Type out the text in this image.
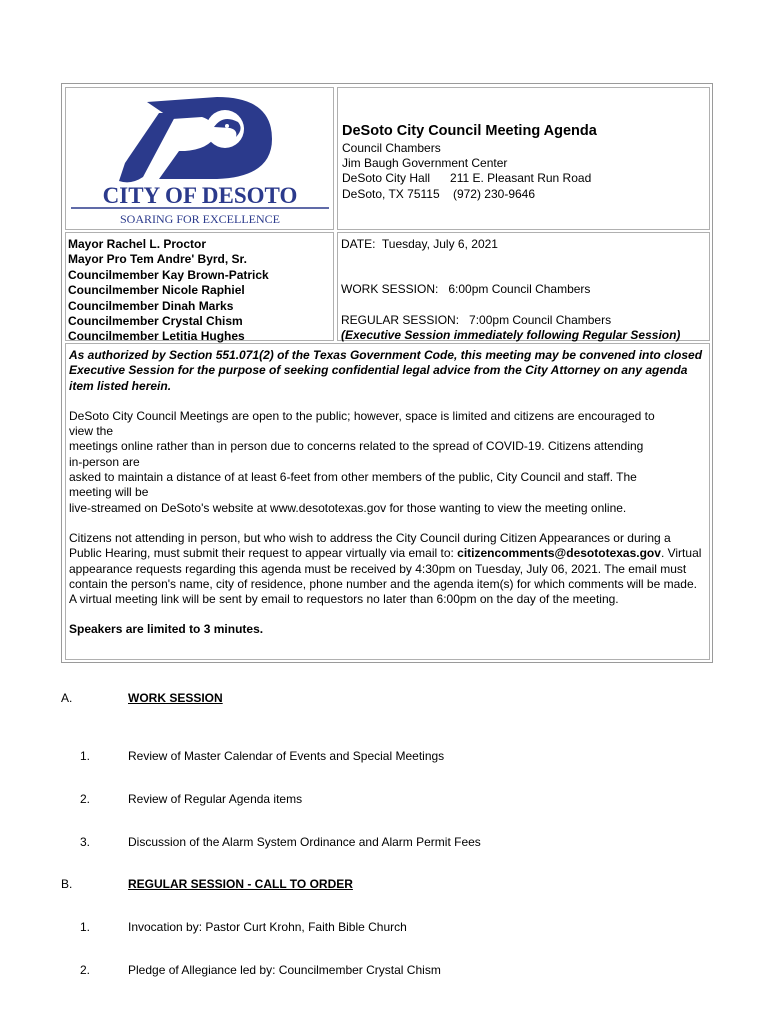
CITY OF DESOTO
SOARING FOR EXCELLENCE
DeSoto City Council Meeting Agenda
Council Chambers
Jim Baugh Government Center
DeSoto City Hall      211 E. Pleasant Run Road
DeSoto, TX 75115    (972) 230-9646
Mayor Rachel L. Proctor
Mayor Pro Tem Andre' Byrd, Sr.
Councilmember Kay Brown-Patrick
Councilmember Nicole Raphiel
Councilmember Dinah Marks
Councilmember Crystal Chism
Councilmember Letitia Hughes
DATE:  Tuesday, July 6, 2021
WORK SESSION:   6:00pm Council Chambers
REGULAR SESSION:   7:00pm Council Chambers
(Executive Session immediately following Regular Session)

As authorized by Section 551.071(2) of the Texas Government Code, this meeting may be convened into closed Executive Session for the purpose of seeking confidential legal advice from the City Attorney on any agenda item listed herein.

DeSoto City Council Meetings are open to the public; however, space is limited and citizens are encouraged to

view the

meetings online rather than in person due to concerns related to the spread of COVID-19. Citizens attending

in-person are

asked to maintain a distance of at least 6-feet from other members of the public, City Council and staff. The

meeting will be

live-streamed on DeSoto's website at www.desototexas.gov for those wanting to view the meeting online.

Citizens not attending in person, but who wish to address the City Council during Citizen Appearances or during a Public Hearing, must submit their request to appear virtually via email to: citizencomments@desototexas.gov. Virtual appearance requests regarding this agenda must be received by 4:30pm on Tuesday, July 06, 2021. The email must contain the person's name, city of residence, phone number and the agenda item(s) for which comments will be made. A virtual meeting link will be sent by email to requestors no later than 6:00pm on the day of the meeting.

Speakers are limited to 3 minutes.

A.	WORK SESSION
1.	Review of Master Calendar of Events and Special Meetings
2.	Review of Regular Agenda items
3.	Discussion of the Alarm System Ordinance and Alarm Permit Fees
B.	REGULAR SESSION - CALL TO ORDER
1.	Invocation by: Pastor Curt Krohn, Faith Bible Church
2.	Pledge of Allegiance led by: Councilmember Crystal Chism
